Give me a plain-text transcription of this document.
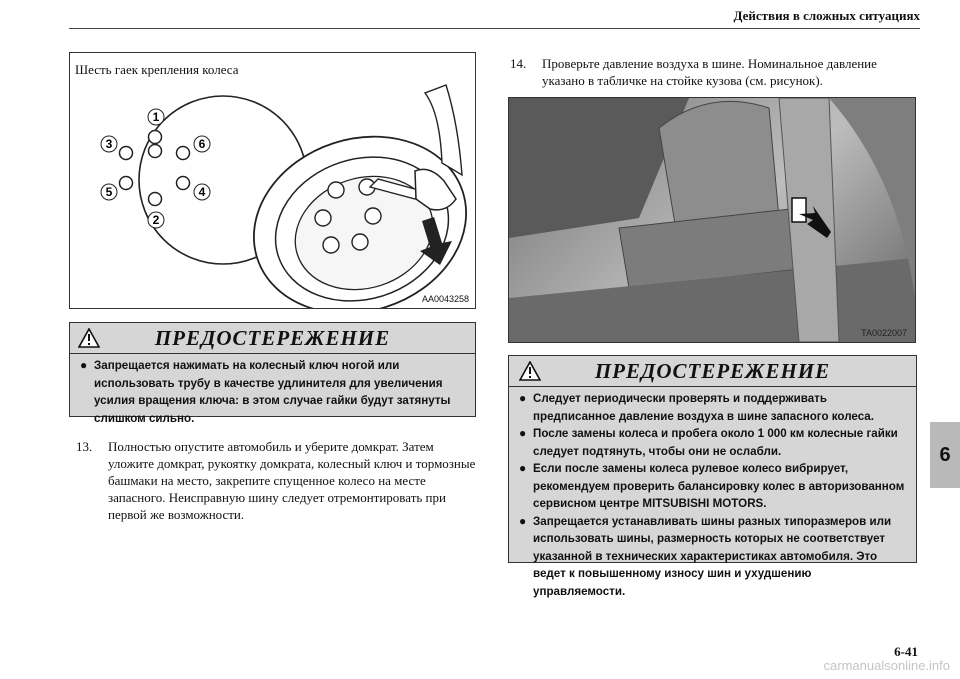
Действия в сложных ситуациях
Шесть гаек крепления колеса
1
2
3
4
5
6
AA0043258
TA0022007
ПРЕДОСТЕРЕЖЕНИЕ
● Запрещается нажимать на колесный ключ ногой или использовать трубу в качестве удлинителя для увеличения усилия вращения ключа: в этом случае гайки будут затянуты слишком сильно.
13.	Полностью опустите автомобиль и уберите домкрат. Затем уложите домкрат, рукоятку домкрата, колесный ключ и тормозные башмаки на место, закрепите спущенное колесо на месте запасного. Неисправную шину следует отремонтировать при первой же возможности.
14.	Проверьте давление воздуха в шине. Номинальное давление указано в табличке на стойке кузова (см. рисунок).
ПРЕДОСТЕРЕЖЕНИЕ
● Следует периодически проверять и поддерживать предписанное давление воздуха в шине запасного колеса.
● После замены колеса и пробега около 1 000 км колесные гайки следует подтянуть, чтобы они не ослабли.
● Если после замены колеса рулевое колесо вибрирует, рекомендуем проверить балансировку колес в авторизованном сервисном центре MITSUBISHI MOTORS.
● Запрещается устанавливать шины разных типоразмеров или использовать шины, размерность которых не соответствует указанной в технических характеристиках автомобиля. Это ведет к повышенному износу шин и ухудшению управляемости.
6
6-41
carmanualsonline.info
